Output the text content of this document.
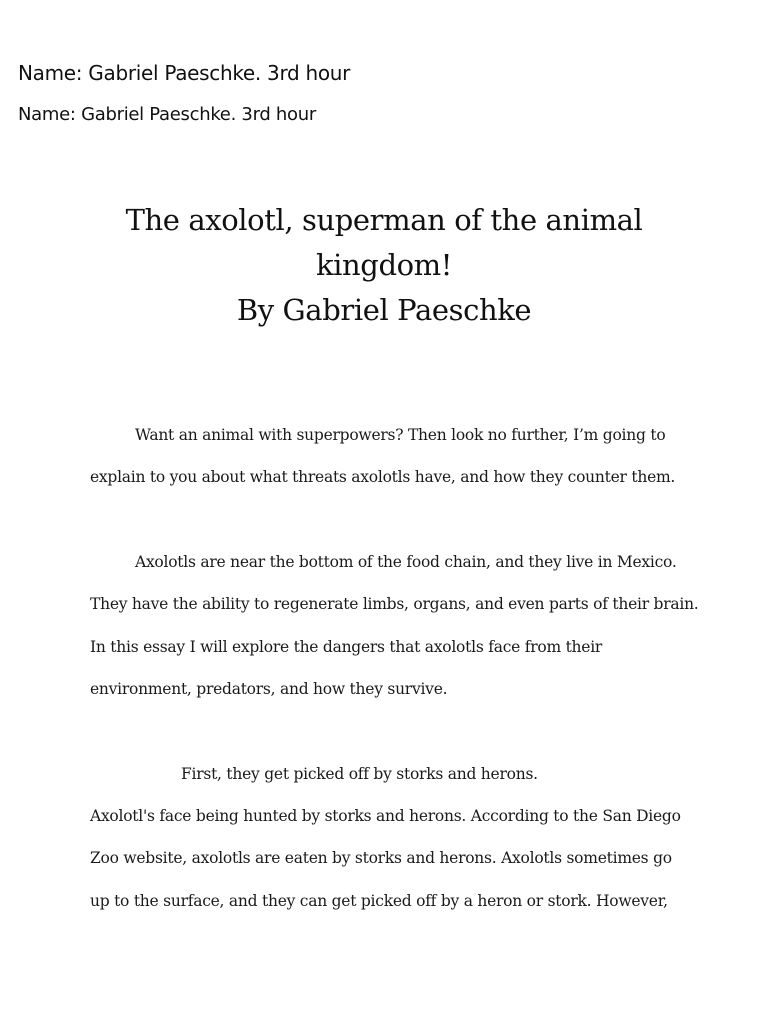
Name: Gabriel Paeschke. 3rd hour
Name: Gabriel Paeschke. 3rd hour
The axolotl, superman of the animal
kingdom!
By Gabriel Paeschke
Want an animal with superpowers? Then look no further, I’m going to
explain to you about what threats axolotls have, and how they counter them.
Axolotls are near the bottom of the food chain, and they live in Mexico.
They have the ability to regenerate limbs, organs, and even parts of their brain.
In this essay I will explore the dangers that axolotls face from their
environment, predators, and how they survive.
First, they get picked off by storks and herons.
Axolotl's face being hunted by storks and herons. According to the San Diego
Zoo website, axolotls are eaten by storks and herons. Axolotls sometimes go
up to the surface, and they can get picked off by a heron or stork. However,
